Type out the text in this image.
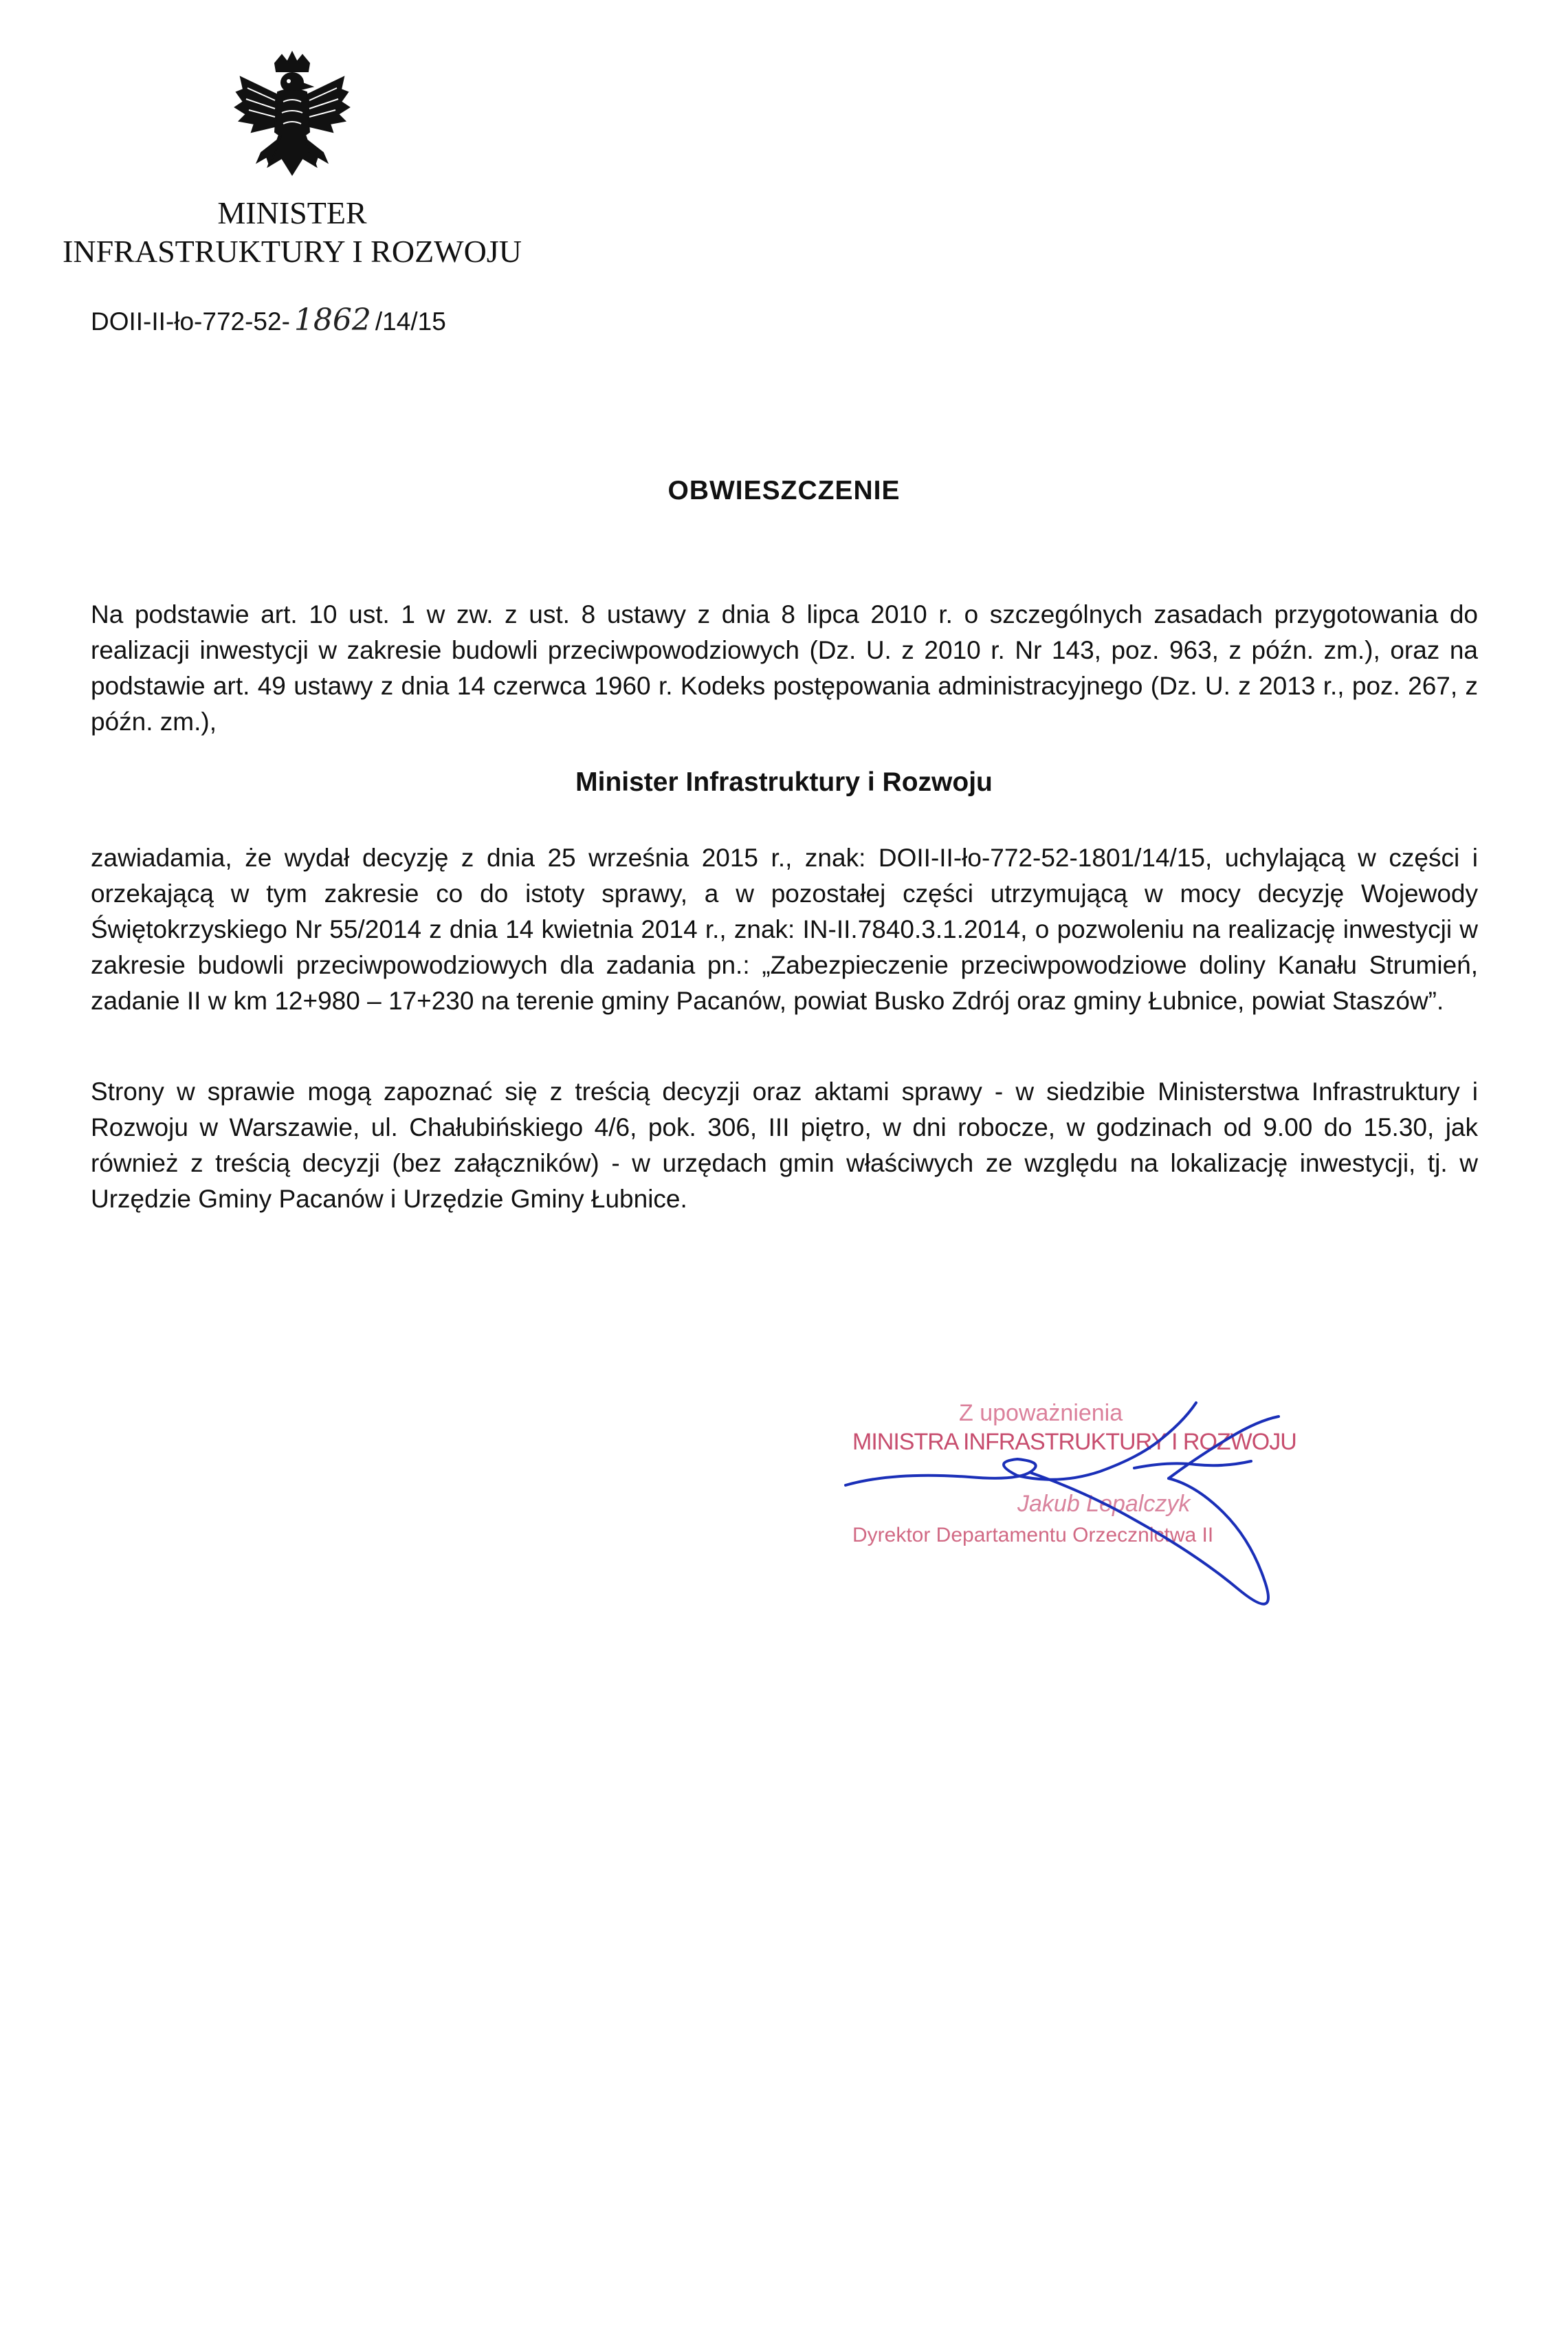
MINISTER
INFRASTRUKTURY I ROZWOJU
DOII-II-ło-772-52- 1862 /14/15
OBWIESZCZENIE
Na podstawie art. 10 ust. 1 w zw. z ust. 8 ustawy z dnia 8 lipca 2010 r. o szczególnych zasadach przygotowania do realizacji inwestycji w zakresie budowli przeciwpowodziowych (Dz. U. z 2010 r. Nr 143, poz. 963, z późn. zm.), oraz na podstawie art. 49 ustawy z dnia 14 czerwca 1960 r. Kodeks postępowania administracyjnego (Dz. U. z 2013 r., poz. 267, z późn. zm.),
Minister Infrastruktury i Rozwoju
zawiadamia, że wydał decyzję z dnia 25 września 2015 r., znak: DOII-II-ło-772-52-1801/14/15, uchylającą w części i orzekającą w tym zakresie co do istoty sprawy, a w pozostałej części utrzymującą w mocy decyzję Wojewody Świętokrzyskiego Nr 55/2014 z dnia 14 kwietnia 2014 r., znak: IN-II.7840.3.1.2014, o pozwoleniu na realizację inwestycji w zakresie budowli przeciwpowodziowych dla zadania pn.: „Zabezpieczenie przeciwpowodziowe doliny Kanału Strumień, zadanie II w km 12+980 – 17+230 na terenie gminy Pacanów, powiat Busko Zdrój oraz gminy Łubnice, powiat Staszów”.
Strony w sprawie mogą zapoznać się z treścią decyzji oraz aktami sprawy - w siedzibie Ministerstwa Infrastruktury i Rozwoju w Warszawie, ul. Chałubińskiego 4/6, pok. 306, III piętro, w dni robocze, w godzinach od 9.00 do 15.30, jak również z treścią decyzji (bez załączników) - w urzędach gmin właściwych ze względu na lokalizację inwestycji, tj. w Urzędzie Gminy Pacanów i Urzędzie Gminy Łubnice.
Z upoważnienia
MINISTRA INFRASTRUKTURY I ROZWOJU
Jakub Lepalczyk
Dyrektor Departamentu Orzecznictwa II
